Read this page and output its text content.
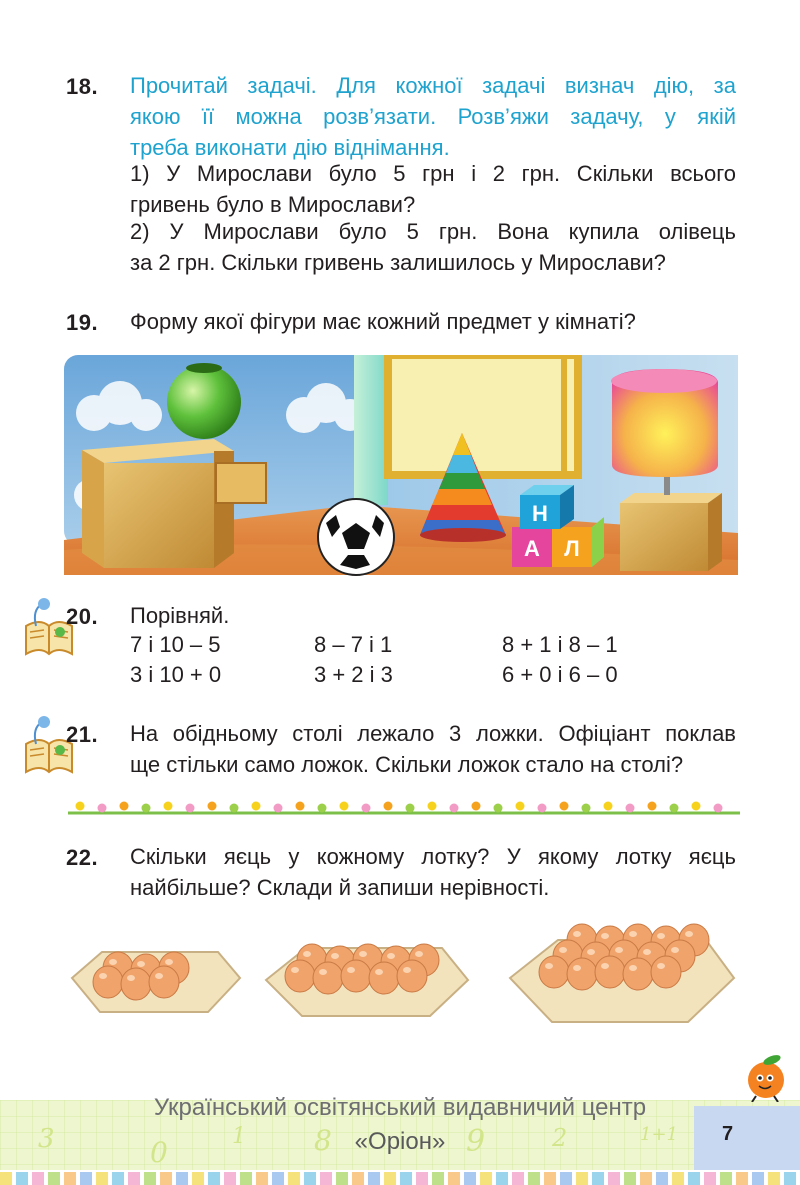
18. Прочитай задачі. Для кожної задачі визнач дію, за
якою її можна розв’язати. Розв’яжи задачу, у якій
треба виконати дію віднімання.
1) У Мирослави було 5 грн і 2 грн. Скільки всього
гривень було в Мирослави?
2) У Мирослави було 5 грн. Вона купила олівець
за 2 грн. Скільки гривень залишилось у Мирослави?
19. Форму якої фігури має кожний предмет у кімнаті?
А Л
Н
20. Порівняй.
7 і 10 – 5	8 – 7 і 1	8 + 1 і 8 – 1
3 і 10 + 0	3 + 2 і 3	6 + 0 і 6 – 0
21. На обідньому столі лежало 3 ложки. Офіціант поклав
ще стільки само ложок. Скільки ложок стало на столі?
22. Скільки яєць у кожному лотку? У якому лотку яєць
найбільше? Склади й запиши нерівності.
Український освітянський видавничий центр
«Оріон»
3	0	1 8	9	2	1+1 7
